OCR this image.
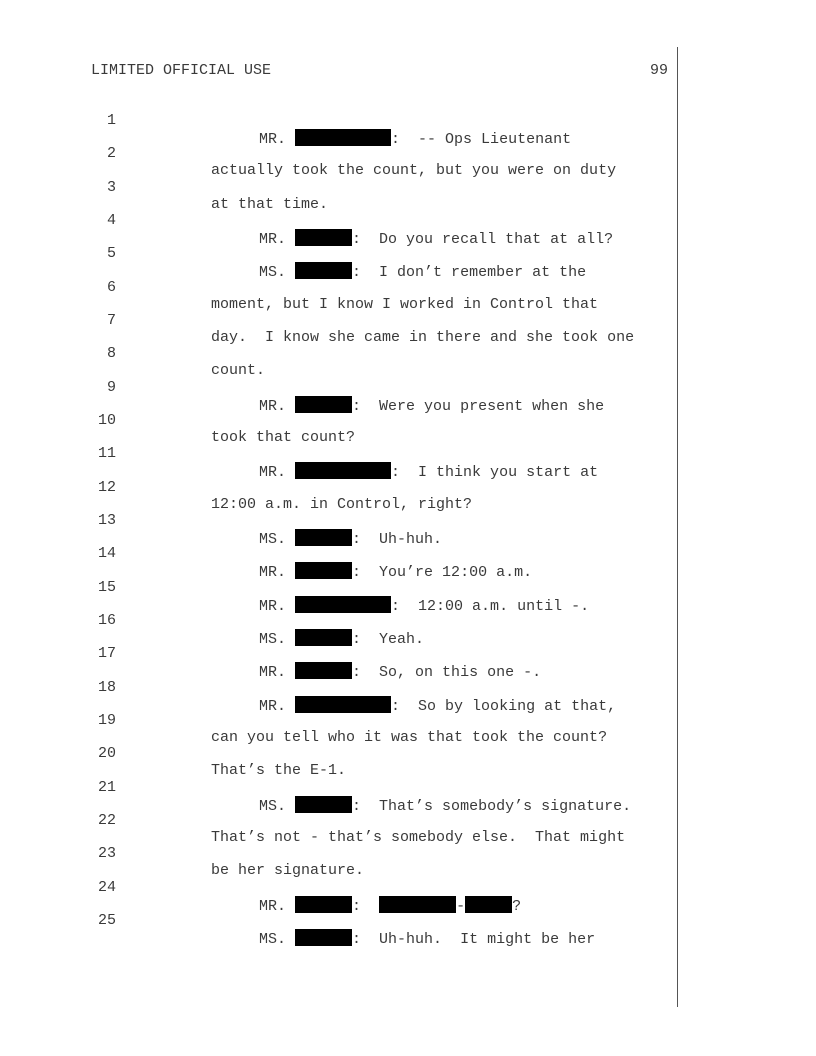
LIMITED OFFICIAL USE	99

1

MR.	:  -- Ops Lieutenant

2

actually took the count, but you were on duty

3

at that time.

4

MR.	:  Do you recall that at all?

5

MS.	:  I don’t remember at the

6

moment, but I know I worked in Control that

7

day.  I know she came in there and she took one

8

count.

9

MR.	:  Were you present when she

10

took that count?

11

MR.	:  I think you start at

12

12:00 a.m. in Control, right?

13

MS.	:  Uh-huh.

14

MR.	:  You’re 12:00 a.m.

15

MR.	:  12:00 a.m. until -.

16

MS.	:  Yeah.

17

MR.	:  So, on this one -.

18

MR.	:  So by looking at that,

19

can you tell who it was that took the count?

20

That’s the E-1.

21

MS.	:  That’s somebody’s signature.

22

That’s not - that’s somebody else.  That might

23

be her signature.

24

MR.	:	-	?

25

MS.	:  Uh-huh.  It might be her
